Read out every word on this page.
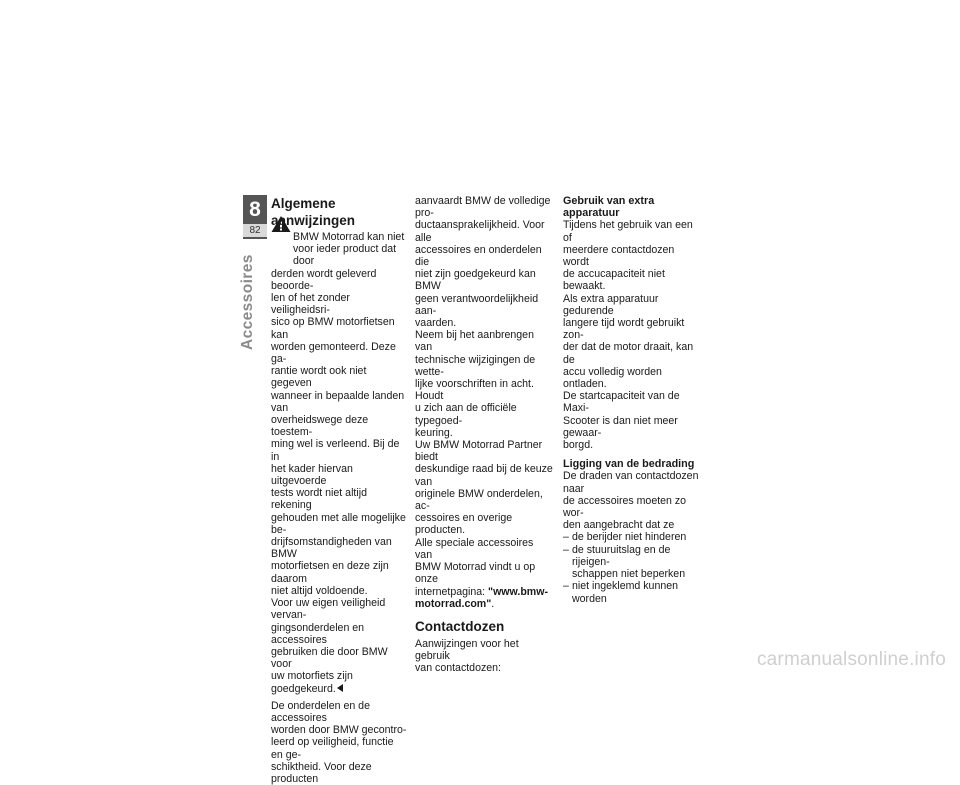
8
82
Accessoires
Algemene aanwijzingen

BMW Motorrad kan niet
voor ieder product dat door
derden wordt geleverd beoorde-
len of het zonder veiligheidsri-
sico op BMW motorfietsen kan
worden gemonteerd. Deze ga-
rantie wordt ook niet gegeven
wanneer in bepaalde landen van
overheidswege deze toestem-
ming wel is verleend. Bij de in
het kader hiervan uitgevoerde
tests wordt niet altijd rekening
gehouden met alle mogelijke be-
drijfsomstandigheden van BMW
motorfietsen en deze zijn daarom
niet altijd voldoende.
Voor uw eigen veiligheid vervan-
gingsonderdelen en accessoires
gebruiken die door BMW voor
uw motorfiets zijn goedgekeurd.

De onderdelen en de accessoires
worden door BMW gecontro-
leerd op veiligheid, functie en ge-
schiktheid. Voor deze producten

aanvaardt BMW de volledige pro-
ductaansprakelijkheid. Voor alle
accessoires en onderdelen die
niet zijn goedgekeurd kan BMW
geen verantwoordelijkheid aan-
vaarden.
Neem bij het aanbrengen van
technische wijzigingen de wette-
lijke voorschriften in acht. Houdt
u zich aan de officiële typegoed-
keuring.
Uw BMW Motorrad Partner biedt
deskundige raad bij de keuze van
originele BMW onderdelen, ac-
cessoires en overige producten.
Alle speciale accessoires van
BMW Motorrad vindt u op onze
internetpagina: "www.bmw-
motorrad.com".

Contactdozen

Aanwijzingen voor het gebruik
van contactdozen:

Gebruik van extra apparatuur

Tijdens het gebruik van een of
meerdere contactdozen wordt
de accucapaciteit niet bewaakt.
Als extra apparatuur gedurende
langere tijd wordt gebruikt zon-
der dat de motor draait, kan de
accu volledig worden ontladen.
De startcapaciteit van de Maxi-
Scooter is dan niet meer gewaar-
borgd.

Ligging van de bedrading

De draden van contactdozen naar
de accessoires moeten zo wor-
den aangebracht dat ze

– de berijder niet hinderen
– de stuuruitslag en de rijeigen-
schappen niet beperken
– niet ingeklemd kunnen worden
carmanualsonline.info
